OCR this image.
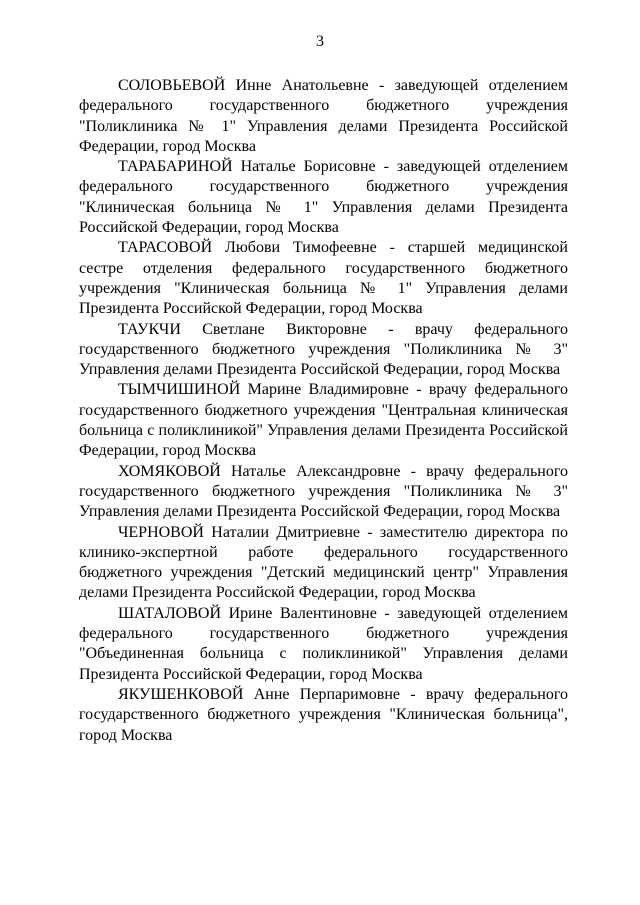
3

СОЛОВЬЕВОЙ Инне Анатольевне - заведующей отделением федерального государственного бюджетного учреждения "Поликлиника № 1" Управления делами Президента Российской Федерации, город Москва

ТАРАБАРИНОЙ Наталье Борисовне - заведующей отделением федерального государственного бюджетного учреждения "Клиническая больница № 1" Управления делами Президента Российской Федерации, город Москва

ТАРАСОВОЙ Любови Тимофеевне - старшей медицинской сестре отделения федерального государственного бюджетного учреждения "Клиническая больница № 1" Управления делами Президента Российской Федерации, город Москва

ТАУКЧИ Светлане Викторовне - врачу федерального государственного бюджетного учреждения "Поликлиника № 3" Управления делами Президента Российской Федерации, город Москва

ТЫМЧИШИНОЙ Марине Владимировне - врачу федерального государственного бюджетного учреждения "Центральная клиническая больница с поликлиникой" Управления делами Президента Российской Федерации, город Москва

ХОМЯКОВОЙ Наталье Александровне - врачу федерального государственного бюджетного учреждения "Поликлиника № 3" Управления делами Президента Российской Федерации, город Москва

ЧЕРНОВОЙ Наталии Дмитриевне - заместителю директора по клинико-экспертной работе федерального государственного бюджетного учреждения "Детский медицинский центр" Управления делами Президента Российской Федерации, город Москва

ШАТАЛОВОЙ Ирине Валентиновне - заведующей отделением федерального государственного бюджетного учреждения "Объединенная больница с поликлиникой" Управления делами Президента Российской Федерации, город Москва

ЯКУШЕНКОВОЙ Анне Перпаримовне - врачу федерального государственного бюджетного учреждения "Клиническая больница", город Москва
